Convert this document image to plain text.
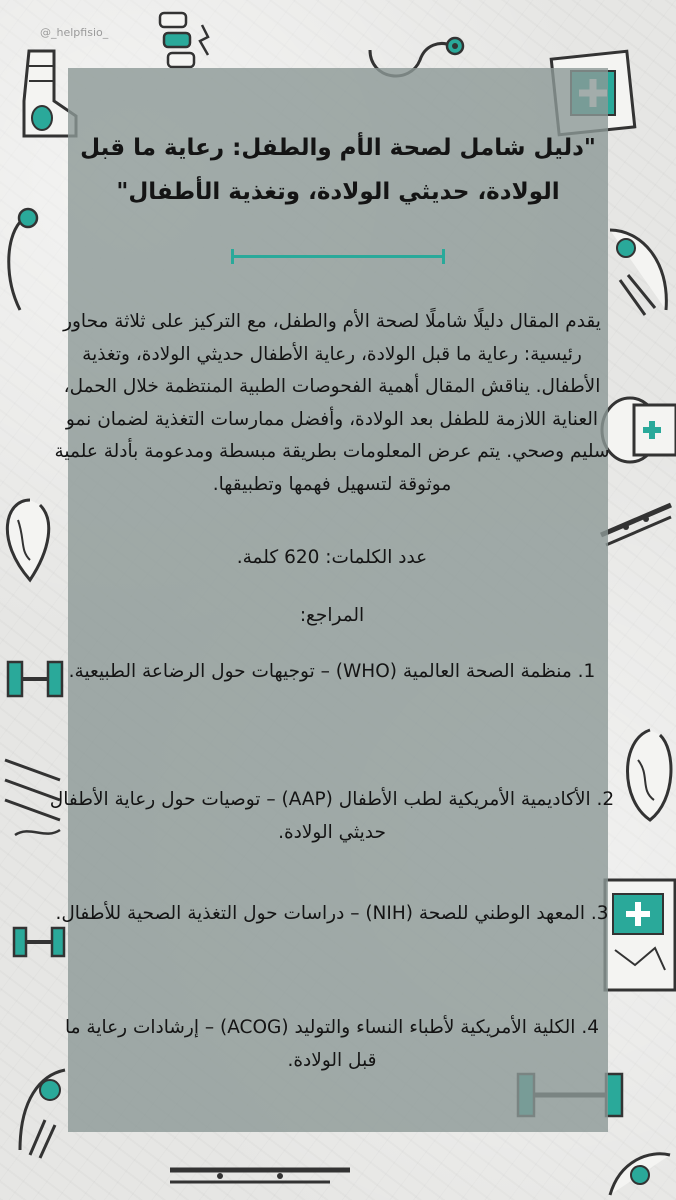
@_helpfisio_
"دليل شامل لصحة الأم والطفل: رعاية ما قبل الولادة، حديثي الولادة، وتغذية الأطفال"

يقدم المقال دليلًا شاملًا لصحة الأم والطفل، مع التركيز على ثلاثة محاور رئيسية: رعاية ما قبل الولادة، رعاية الأطفال حديثي الولادة، وتغذية الأطفال. يناقش المقال أهمية الفحوصات الطبية المنتظمة خلال الحمل، العناية اللازمة للطفل بعد الولادة، وأفضل ممارسات التغذية لضمان نمو سليم وصحي. يتم عرض المعلومات بطريقة مبسطة ومدعومة بأدلة علمية موثوقة لتسهيل فهمها وتطبيقها.

عدد الكلمات: 620 كلمة.

المراجع:

1. منظمة الصحة العالمية (WHO) – توجيهات حول الرضاعة الطبيعية.

2. الأكاديمية الأمريكية لطب الأطفال (AAP) – توصيات حول رعاية الأطفال حديثي الولادة.

3. المعهد الوطني للصحة (NIH) – دراسات حول التغذية الصحية للأطفال.

4. الكلية الأمريكية لأطباء النساء والتوليد (ACOG) – إرشادات رعاية ما قبل الولادة.
